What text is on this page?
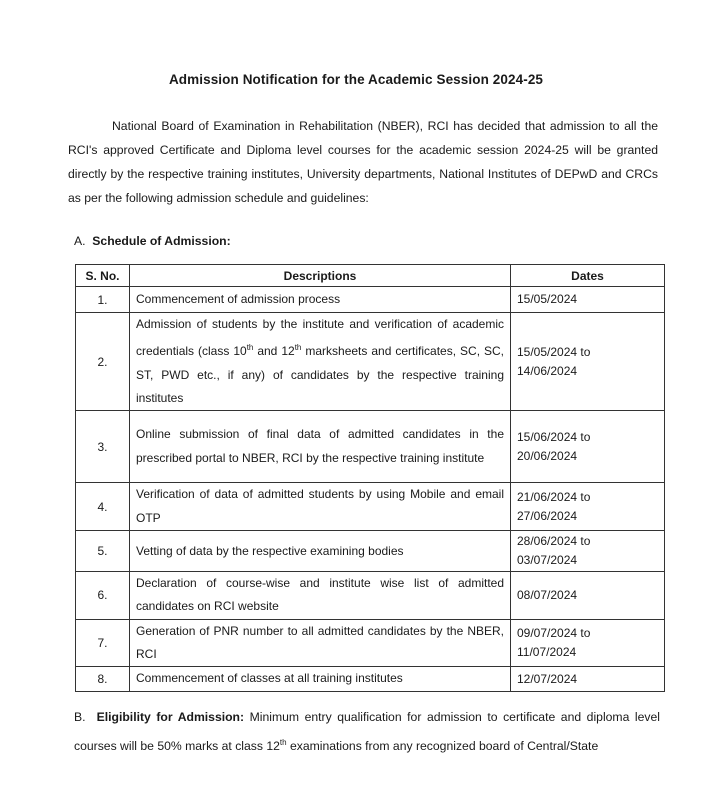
Admission Notification for the Academic Session 2024-25

National Board of Examination in Rehabilitation (NBER), RCI has decided that admission to all the RCI's approved Certificate and Diploma level courses for the academic session 2024-25 will be granted directly by the respective training institutes, University departments, National Institutes of DEPwD and CRCs as per the following admission schedule and guidelines:

A. Schedule of Admission:
S. No.	Descriptions	Dates
1.	Commencement of admission process	15/05/2024
2.	Admission of students by the institute and verification of academic credentials (class 10th and 12th marksheets and certificates, SC, SC, ST, PWD etc., if any) of candidates by the respective training institutes	15/05/2024 to
14/06/2024
3.	Online submission of final data of admitted candidates in the prescribed portal to NBER, RCI by the respective training institute	15/06/2024 to
20/06/2024
4.	Verification of data of admitted students by using Mobile and email OTP	21/06/2024 to
27/06/2024
5.	Vetting of data by the respective examining bodies	28/06/2024 to
03/07/2024
6.	Declaration of course-wise and institute wise list of admitted candidates on RCI website	08/07/2024
7.	Generation of PNR number to all admitted candidates by the NBER, RCI	09/07/2024 to
11/07/2024
8.	Commencement of classes at all training institutes	12/07/2024
B. Eligibility for Admission: Minimum entry qualification for admission to certificate and diploma level courses will be 50% marks at class 12th examinations from any recognized board of Central/State
